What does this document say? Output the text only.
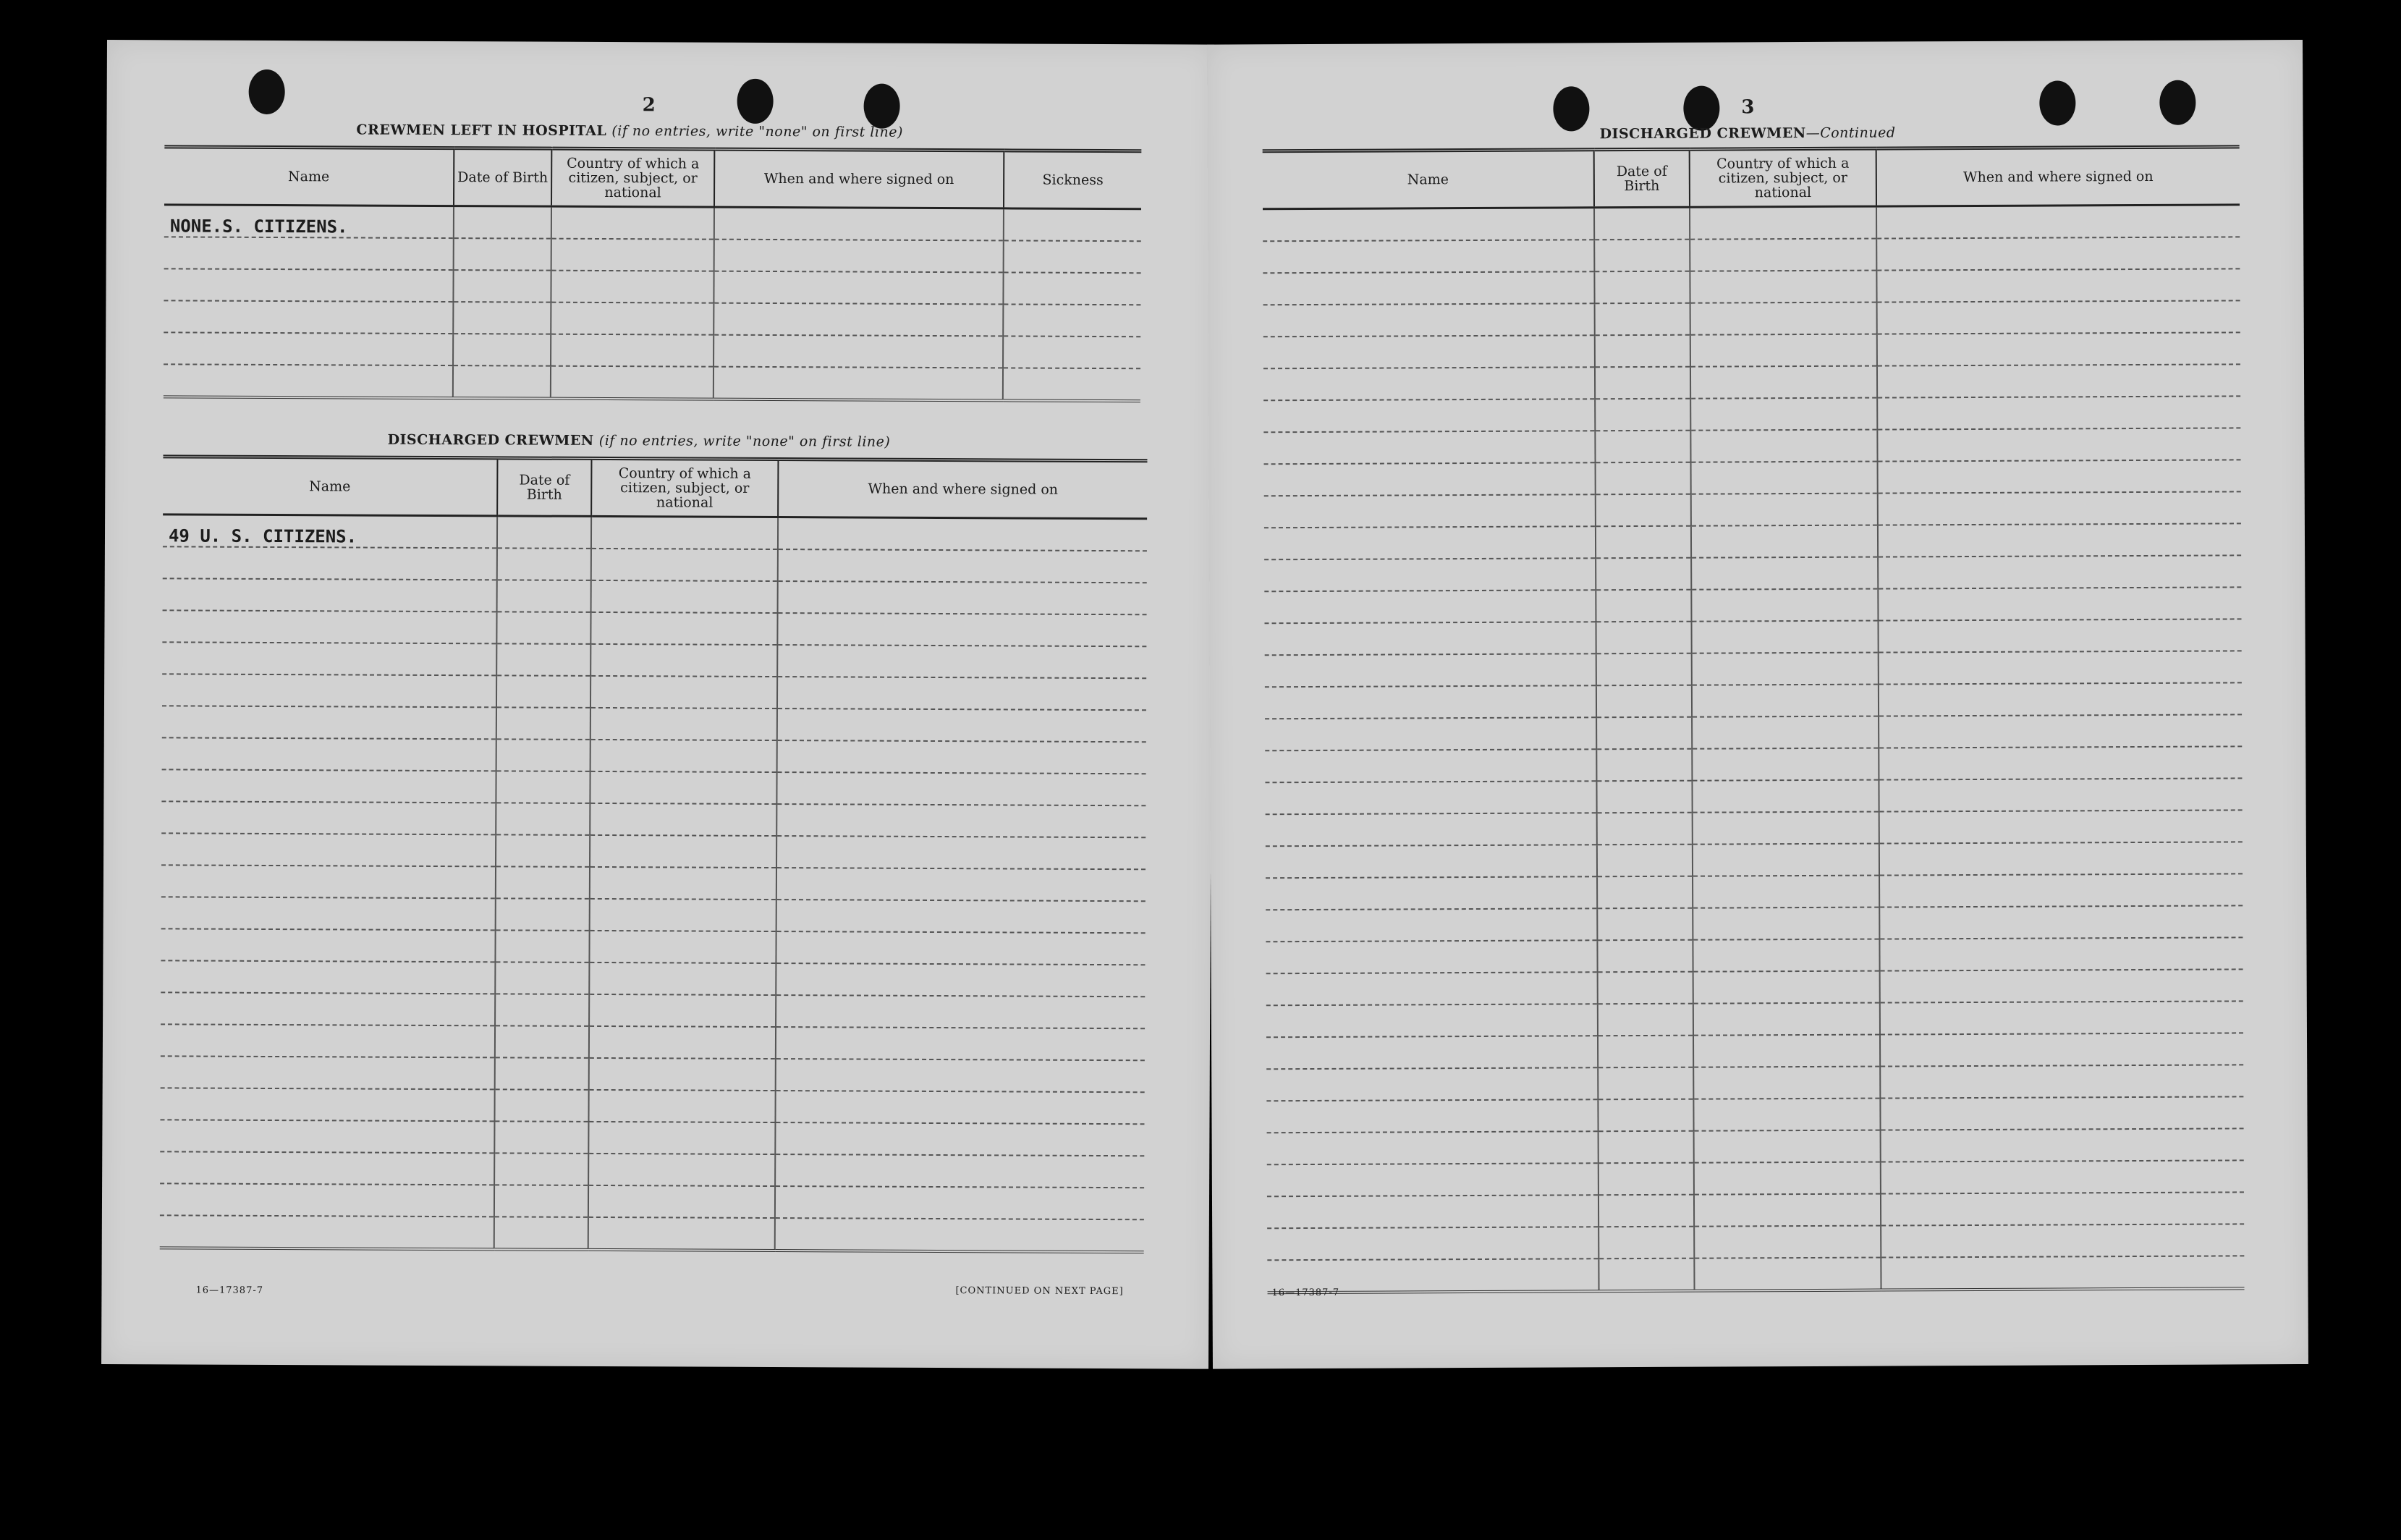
2
CREWMEN LEFT IN HOSPITAL (if no entries, write "none" on first line)
Name	Date of Birth	Country of which a citizen, subject, or national	When and where signed on	Sickness
NONE.S. CITIZENS.				

DISCHARGED CREWMEN (if no entries, write "none" on first line)
Name	Date of Birth	Country of which a citizen, subject, or national	When and where signed on
49 U. S. CITIZENS.			

16—17387-7	[CONTINUED ON NEXT PAGE]
3
DISCHARGED CREWMEN—Continued
Name	Date of Birth	Country of which a citizen, subject, or national	When and where signed on

16—17387-7
